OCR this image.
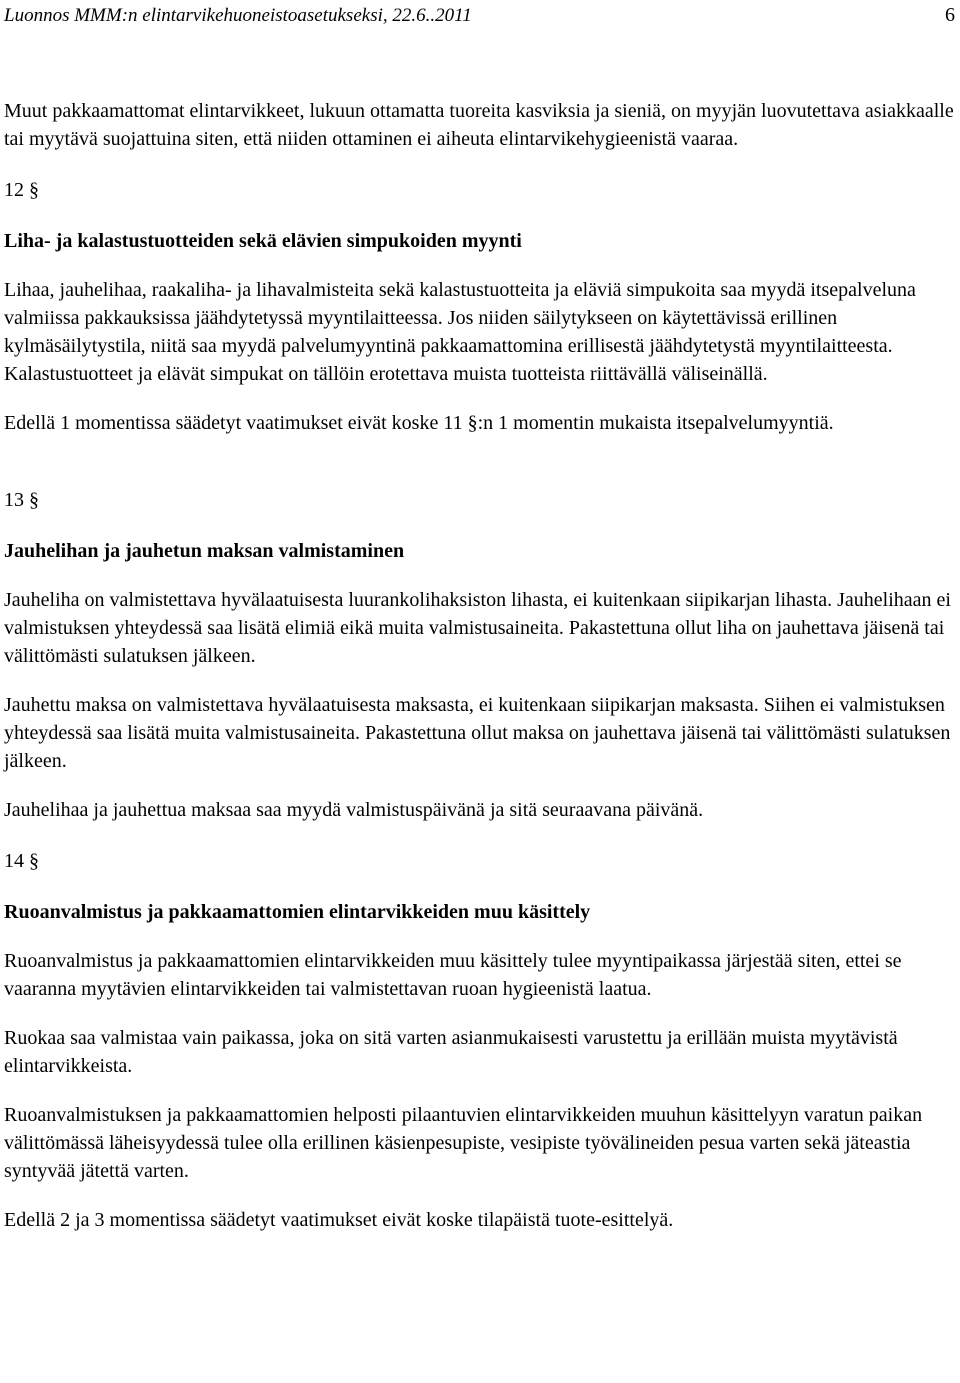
Luonnos MMM:n elintarvikehuoneistoasetukseksi, 22.6..2011	6

Muut pakkaamattomat elintarvikkeet, lukuun ottamatta tuoreita kasviksia ja sieniä, on myyjän luovutettava asiakkaalle tai myytävä suojattuina siten, että niiden ottaminen ei aiheuta elintarvikehygieenistä vaaraa.

12 §
Liha- ja kalastustuotteiden sekä elävien simpukoiden myynti

Lihaa, jauhelihaa, raakaliha- ja lihavalmisteita sekä kalastustuotteita ja eläviä simpukoita saa myydä itsepalveluna valmiissa pakkauksissa jäähdytetyssä myyntilaitteessa. Jos niiden säilytykseen on käytettävissä erillinen kylmäsäilytystila, niitä saa myydä palvelumyyntinä pakkaamattomina erillisestä jäähdytetystä myyntilaitteesta. Kalastustuotteet ja elävät simpukat on tällöin erotettava muista tuotteista riittävällä väliseinällä.

Edellä 1 momentissa säädetyt vaatimukset eivät koske 11 §:n 1 momentin mukaista itsepalvelumyyntiä.

13 §
Jauhelihan ja jauhetun maksan valmistaminen

Jauheliha on valmistettava hyvälaatuisesta luurankolihaksiston lihasta, ei kuitenkaan siipikarjan lihasta. Jauhelihaan ei valmistuksen yhteydessä saa lisätä elimiä eikä muita valmistusaineita. Pakastettuna ollut liha on jauhettava jäisenä tai välittömästi sulatuksen jälkeen.

Jauhettu maksa on valmistettava hyvälaatuisesta maksasta, ei kuitenkaan siipikarjan maksasta. Siihen ei valmistuksen yhteydessä saa lisätä muita valmistusaineita. Pakastettuna ollut maksa on jauhettava jäisenä tai välittömästi sulatuksen jälkeen.

Jauhelihaa ja jauhettua maksaa saa myydä valmistuspäivänä ja sitä seuraavana päivänä.

14 §
Ruoanvalmistus ja pakkaamattomien elintarvikkeiden muu käsittely

Ruoanvalmistus ja pakkaamattomien elintarvikkeiden muu käsittely tulee myyntipaikassa järjestää siten, ettei se vaaranna myytävien elintarvikkeiden tai valmistettavan ruoan hygieenistä laatua.

Ruokaa saa valmistaa vain paikassa, joka on sitä varten asianmukaisesti varustettu ja erillään muista myytävistä elintarvikkeista.

Ruoanvalmistuksen ja pakkaamattomien helposti pilaantuvien elintarvikkeiden muuhun käsittelyyn varatun paikan välittömässä läheisyydessä tulee olla erillinen käsienpesupiste, vesipiste työvälineiden pesua varten sekä jäteastia syntyvää jätettä varten.

Edellä 2 ja 3 momentissa säädetyt vaatimukset eivät koske tilapäistä tuote-esittelyä.
